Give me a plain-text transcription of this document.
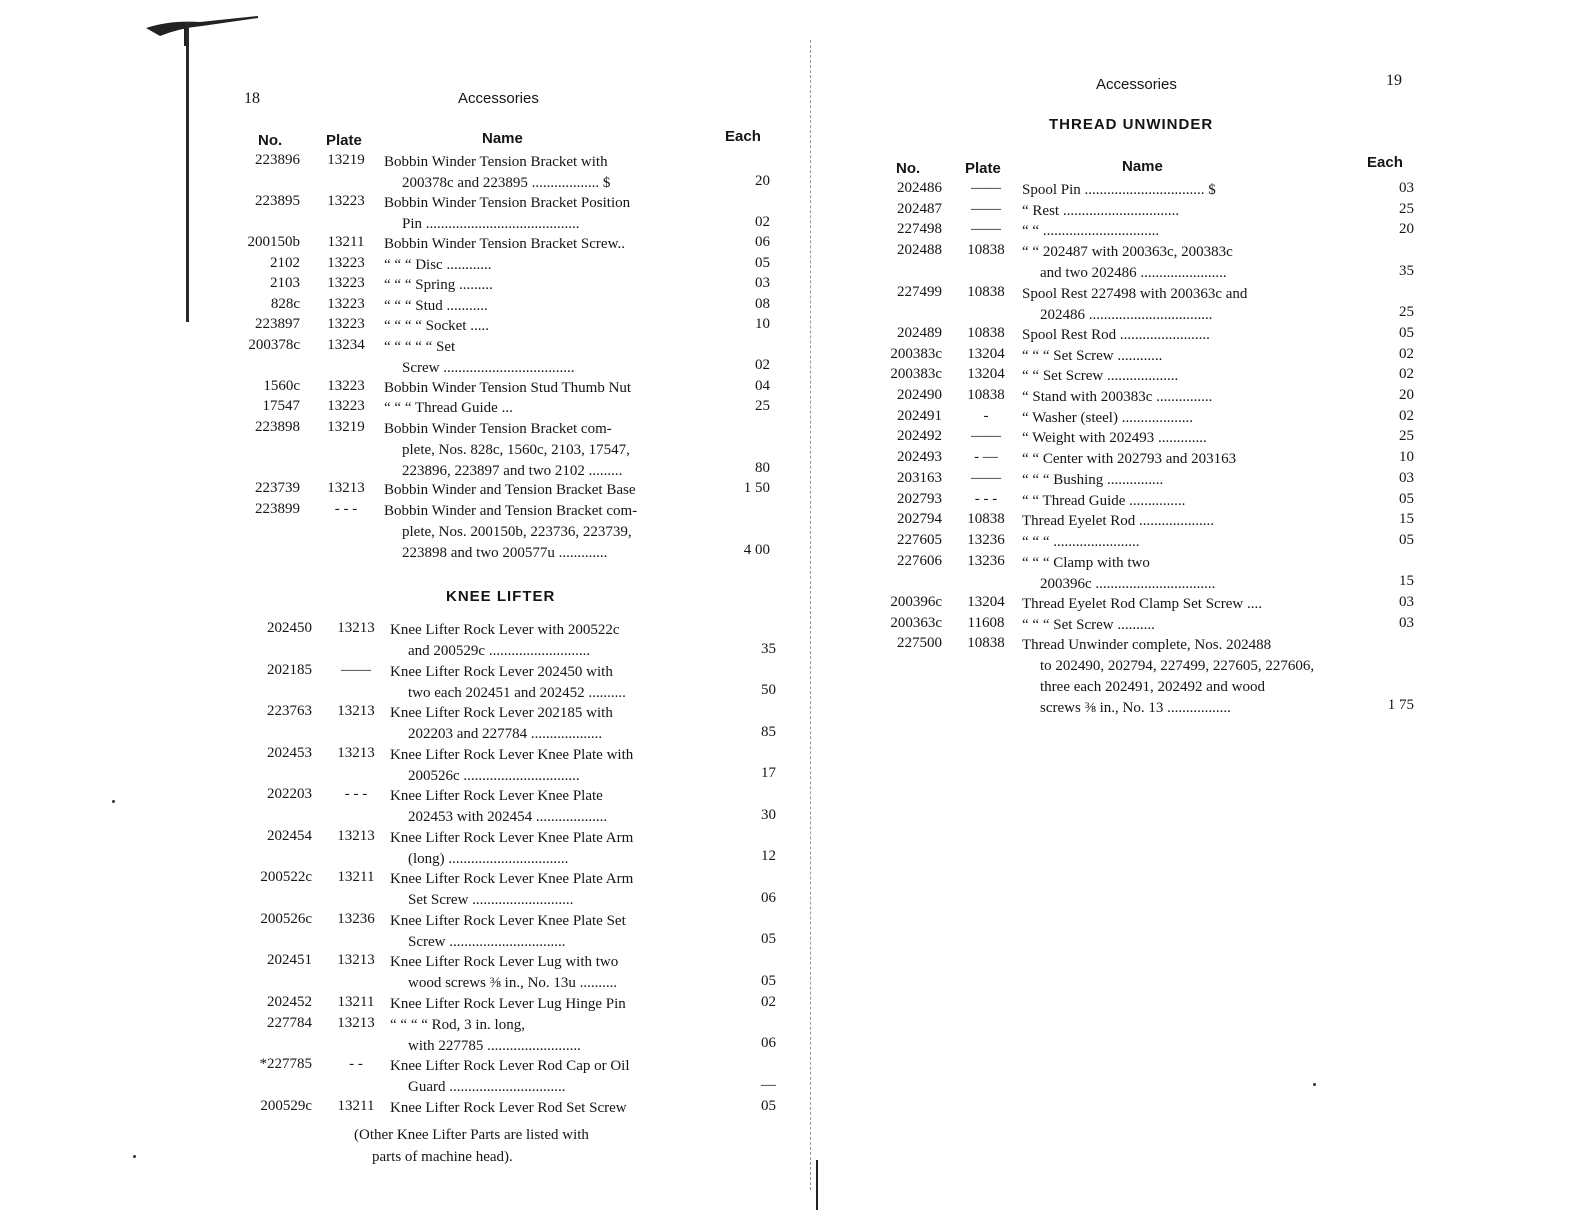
18	Accessories
No.	Plate	Name	Each
223896	13219	Bobbin Winder Tension Bracket with
200378c and 223895 .................. $	20
223895	13223	Bobbin Winder Tension Bracket Position
Pin .........................................	02
200150b	13211	Bobbin Winder Tension Bracket Screw..	06
2102	13223	“ “ “ Disc ............	05
2103	13223	“ “ “ Spring .........	03
828c	13223	“ “ “ Stud ...........	08
223897	13223	“ “ “ “ Socket .....	10
200378c	13234	“ “ “ “ “ Set
Screw ...................................	02
1560c	13223	Bobbin Winder Tension Stud Thumb Nut	04
17547	13223	“ “ “ Thread Guide ...	25
223898	13219	Bobbin Winder Tension Bracket com-
plete, Nos. 828c, 1560c, 2103, 17547,
223896, 223897 and two 2102 .........	80
223739	13213	Bobbin Winder and Tension Bracket Base	1 50
223899	- - -	Bobbin Winder and Tension Bracket com-
plete, Nos. 200150b, 223736, 223739,
223898 and two 200577u .............	4 00
KNEE LIFTER
202450	13213	Knee Lifter Rock Lever with 200522c
and 200529c ...........................	35
202185	——	Knee Lifter Rock Lever 202450 with
two each 202451 and 202452 ..........	50
223763	13213	Knee Lifter Rock Lever 202185 with
202203 and 227784 ...................	85
202453	13213	Knee Lifter Rock Lever Knee Plate with
200526c ...............................	17
202203	- - -	Knee Lifter Rock Lever Knee Plate
202453 with 202454 ...................	30
202454	13213	Knee Lifter Rock Lever Knee Plate Arm
(long) ................................	12
200522c	13211	Knee Lifter Rock Lever Knee Plate Arm
Set Screw ...........................	06
200526c	13236	Knee Lifter Rock Lever Knee Plate Set
Screw ...............................	05
202451	13213	Knee Lifter Rock Lever Lug with two
wood screws ⅜ in., No. 13u ..........	05
202452	13211	Knee Lifter Rock Lever Lug Hinge Pin	02
227784	13213	“ “ “ “ Rod, 3 in. long,
with 227785 .........................	06
*227785	- -	Knee Lifter Rock Lever Rod Cap or Oil
Guard ...............................	—
200529c	13211	Knee Lifter Rock Lever Rod Set Screw	05
(Other Knee Lifter Parts are listed with
parts of machine head).
Accessories	19
THREAD UNWINDER
No.	Plate	Name	Each
202486	——	Spool Pin ................................ $	03
202487	——	“ Rest ...............................	25
227498	——	“ “ ...............................	20
202488	10838	“ “ 202487 with 200363c, 200383c
and two 202486 .......................	35
227499	10838	Spool Rest 227498 with 200363c and
202486 .................................	25
202489	10838	Spool Rest Rod ........................	05
200383c	13204	“ “ “ Set Screw ............	02
200383c	13204	“ “ Set Screw ...................	02
202490	10838	“ Stand with 200383c ...............	20
202491	-	“ Washer (steel) ...................	02
202492	——	“ Weight with 202493 .............	25
202493	- —	“ “ Center with 202793 and 203163	10
203163	——	“ “ “ Bushing ...............	03
202793	- - -	“ “ Thread Guide ...............	05
202794	10838	Thread Eyelet Rod ....................	15
227605	13236	“ “ “ .......................	05
227606	13236	“ “ “ Clamp with two
200396c ................................	15
200396c	13204	Thread Eyelet Rod Clamp Set Screw ....	03
200363c	11608	“ “ “ Set Screw ..........	03
227500	10838	Thread Unwinder complete, Nos. 202488
to 202490, 202794, 227499, 227605, 227606,
three each 202491, 202492 and wood
screws ⅜ in., No. 13 .................	1 75
